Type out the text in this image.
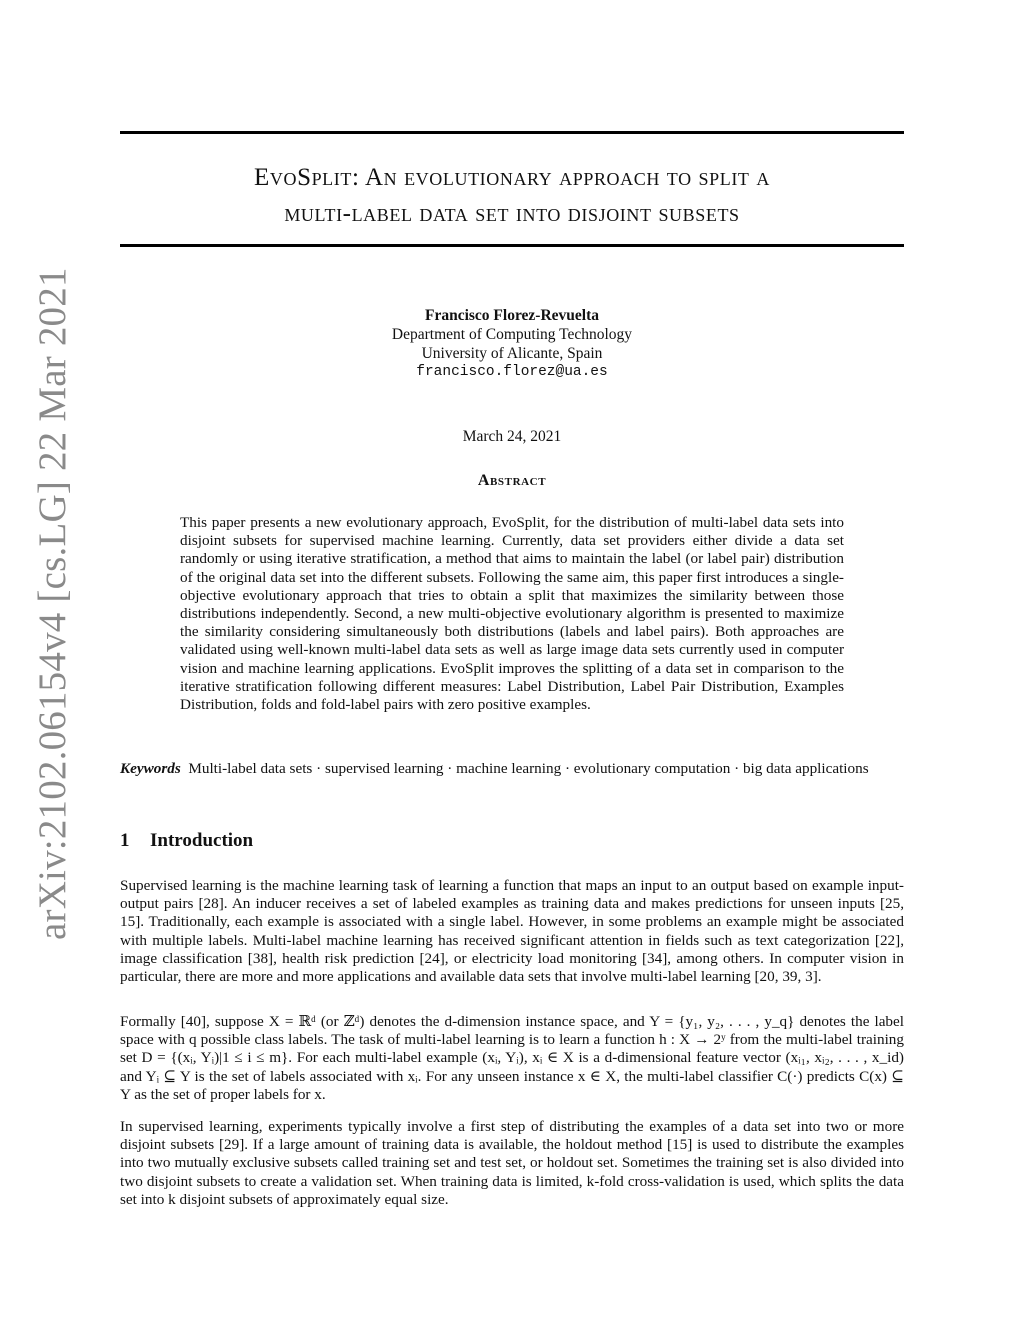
arXiv:2102.06154v4 [cs.LG] 22 Mar 2021
EvoSplit: An evolutionary approach to split a
multi-label data set into disjoint subsets
Francisco Florez-Revuelta
Department of Computing Technology
University of Alicante, Spain
francisco.florez@ua.es
March 24, 2021
Abstract

This paper presents a new evolutionary approach, EvoSplit, for the distribution of multi-label data sets into disjoint subsets for supervised machine learning. Currently, data set providers either divide a data set randomly or using iterative stratification, a method that aims to maintain the label (or label pair) distribution of the original data set into the different subsets. Following the same aim, this paper first introduces a single-objective evolutionary approach that tries to obtain a split that maximizes the similarity between those distributions independently. Second, a new multi-objective evolutionary algorithm is presented to maximize the similarity considering simultaneously both distributions (labels and label pairs). Both approaches are validated using well-known multi-label data sets as well as large image data sets currently used in computer vision and machine learning applications. EvoSplit improves the splitting of a data set in comparison to the iterative stratification following different measures: Label Distribution, Label Pair Distribution, Examples Distribution, folds and fold-label pairs with zero positive examples.

Keywords Multi-label data sets · supervised learning · machine learning · evolutionary computation · big data applications

1 Introduction

Supervised learning is the machine learning task of learning a function that maps an input to an output based on example input-output pairs [28]. An inducer receives a set of labeled examples as training data and makes predictions for unseen inputs [25, 15]. Traditionally, each example is associated with a single label. However, in some problems an example might be associated with multiple labels. Multi-label machine learning has received significant attention in fields such as text categorization [22], image classification [38], health risk prediction [24], or electricity load monitoring [34], among others. In computer vision in particular, there are more and more applications and available data sets that involve multi-label learning [20, 39, 3].

Formally [40], suppose X = ℝᵈ (or ℤᵈ) denotes the d-dimension instance space, and Y = {y₁, y₂, . . . , y_q} denotes the label space with q possible class labels. The task of multi-label learning is to learn a function h : X → 2ʸ from the multi-label training set D = {(xᵢ, Yᵢ)|1 ≤ i ≤ m}. For each multi-label example (xᵢ, Yᵢ), xᵢ ∈ X is a d-dimensional feature vector (xᵢ₁, xᵢ₂, . . . , x_id) and Yᵢ ⊆ Y is the set of labels associated with xᵢ. For any unseen instance x ∈ X, the multi-label classifier C(·) predicts C(x) ⊆ Y as the set of proper labels for x.

In supervised learning, experiments typically involve a first step of distributing the examples of a data set into two or more disjoint subsets [29]. If a large amount of training data is available, the holdout method [15] is used to distribute the examples into two mutually exclusive subsets called training set and test set, or holdout set. Sometimes the training set is also divided into two disjoint subsets to create a validation set. When training data is limited, k-fold cross-validation is used, which splits the data set into k disjoint subsets of approximately equal size.
